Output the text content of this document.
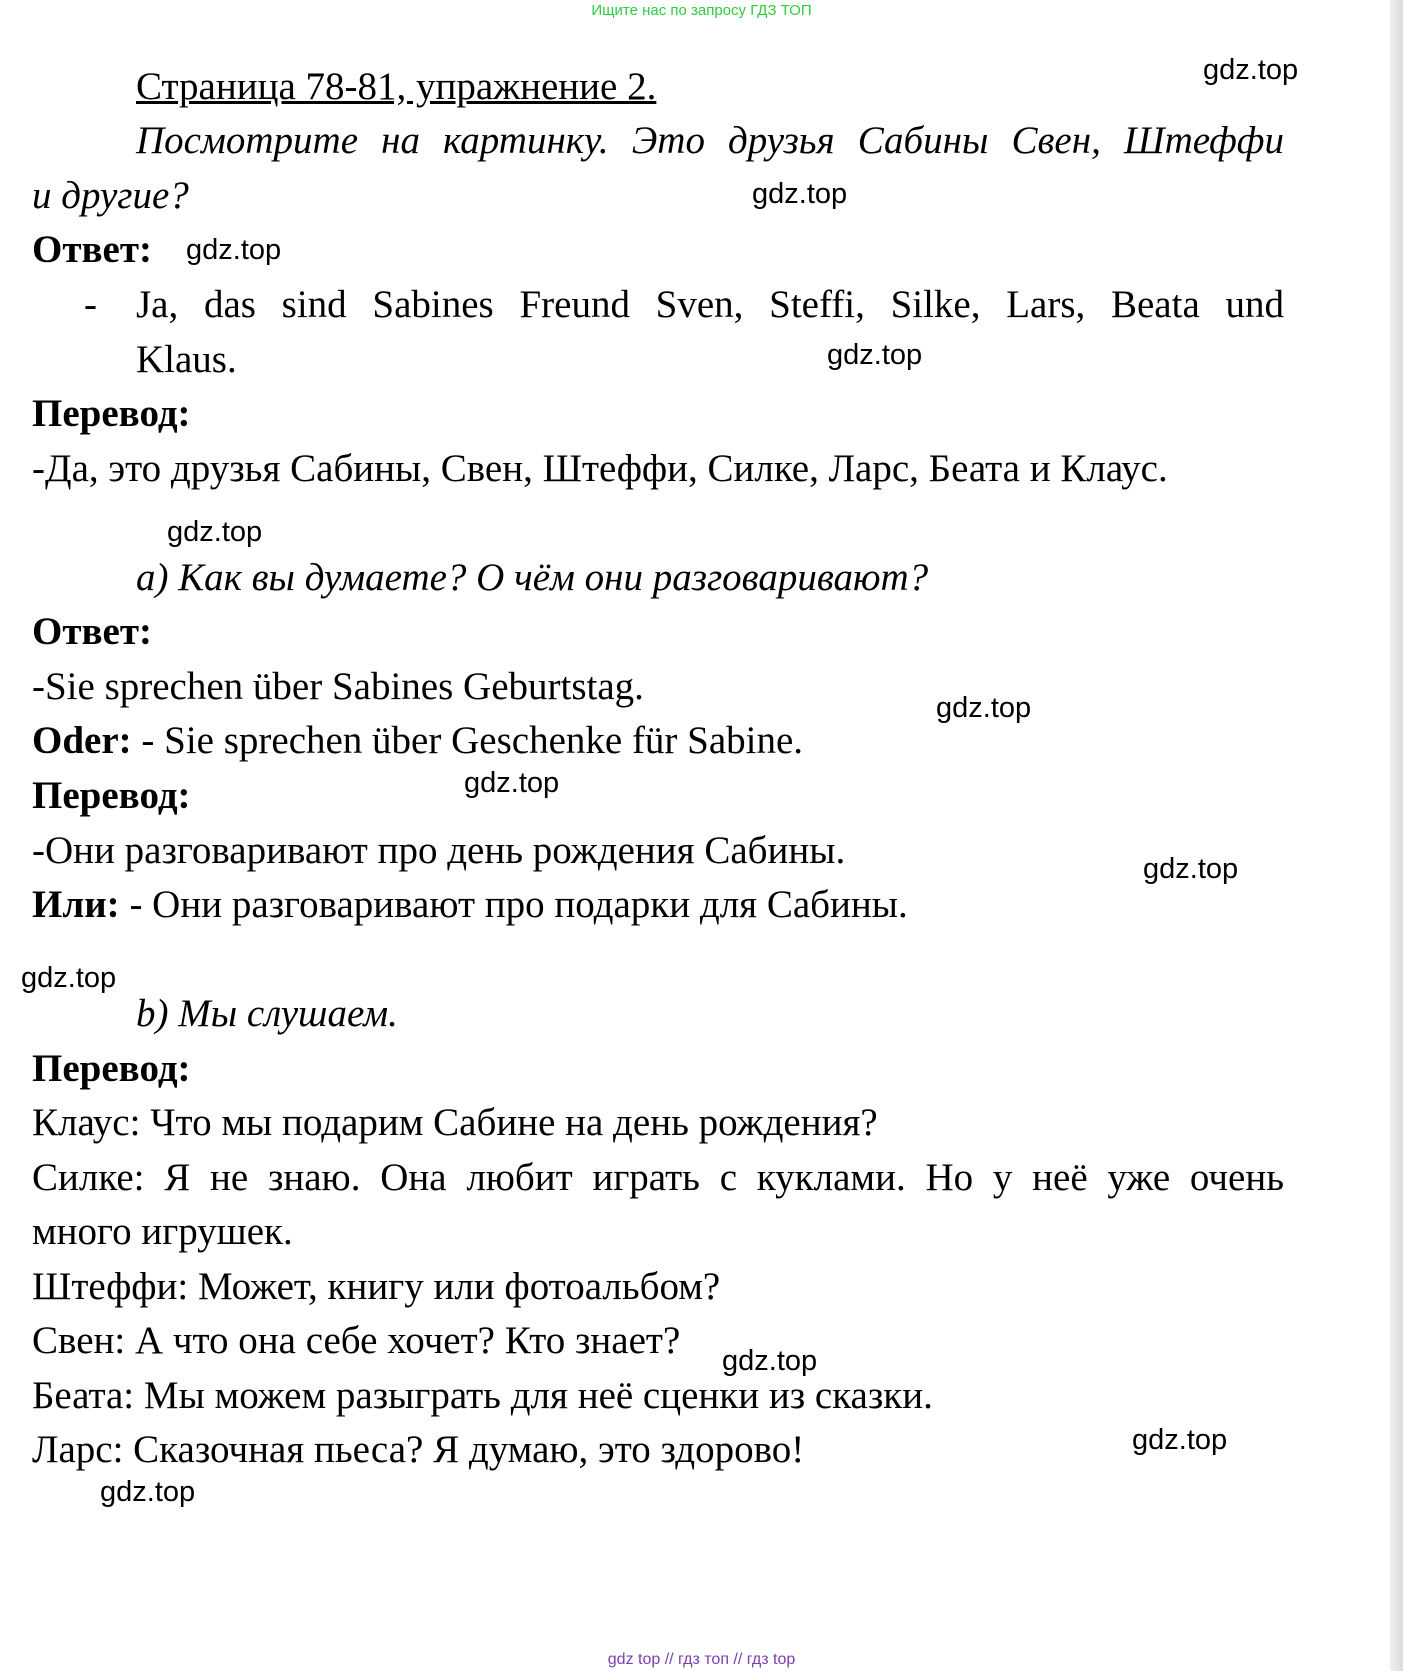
Ищите нас по запросу ГДЗ ТОП
Страница 78-81, упражнение 2.
Посмотрите на картинку. Это друзья Сабины Свен, Штеффи
и другие?
Ответ:
- Ja, das sind Sabines Freund Sven, Steffi, Silke, Lars, Beata und
Klaus.
Перевод:
-Да, это друзья Сабины, Свен, Штеффи, Силке, Ларс, Беата и Клаус.
a) Как вы думаете? О чём они разговаривают?
Ответ:
-Sie sprechen über Sabines Geburtstag.
Oder: - Sie sprechen über Geschenke für Sabine.
Перевод:
-Они разговаривают про день рождения Сабины.
Или: - Они разговаривают про подарки для Сабины.
b) Мы слушаем.
Перевод:
Клаус: Что мы подарим Сабине на день рождения?
Силке: Я не знаю. Она любит играть с куклами. Но у неё уже очень
много игрушек.
Штеффи: Может, книгу или фотоальбом?
Свен: А что она себе хочет? Кто знает?
Беата: Мы можем разыграть для неё сценки из сказки.
Ларс: Сказочная пьеса? Я думаю, это здорово!
gdz.top
gdz.top
gdz.top
gdz.top
gdz.top
gdz.top
gdz.top
gdz.top
gdz.top
gdz.top
gdz.top
gdz.top
gdz top // гдз топ // гдз top
